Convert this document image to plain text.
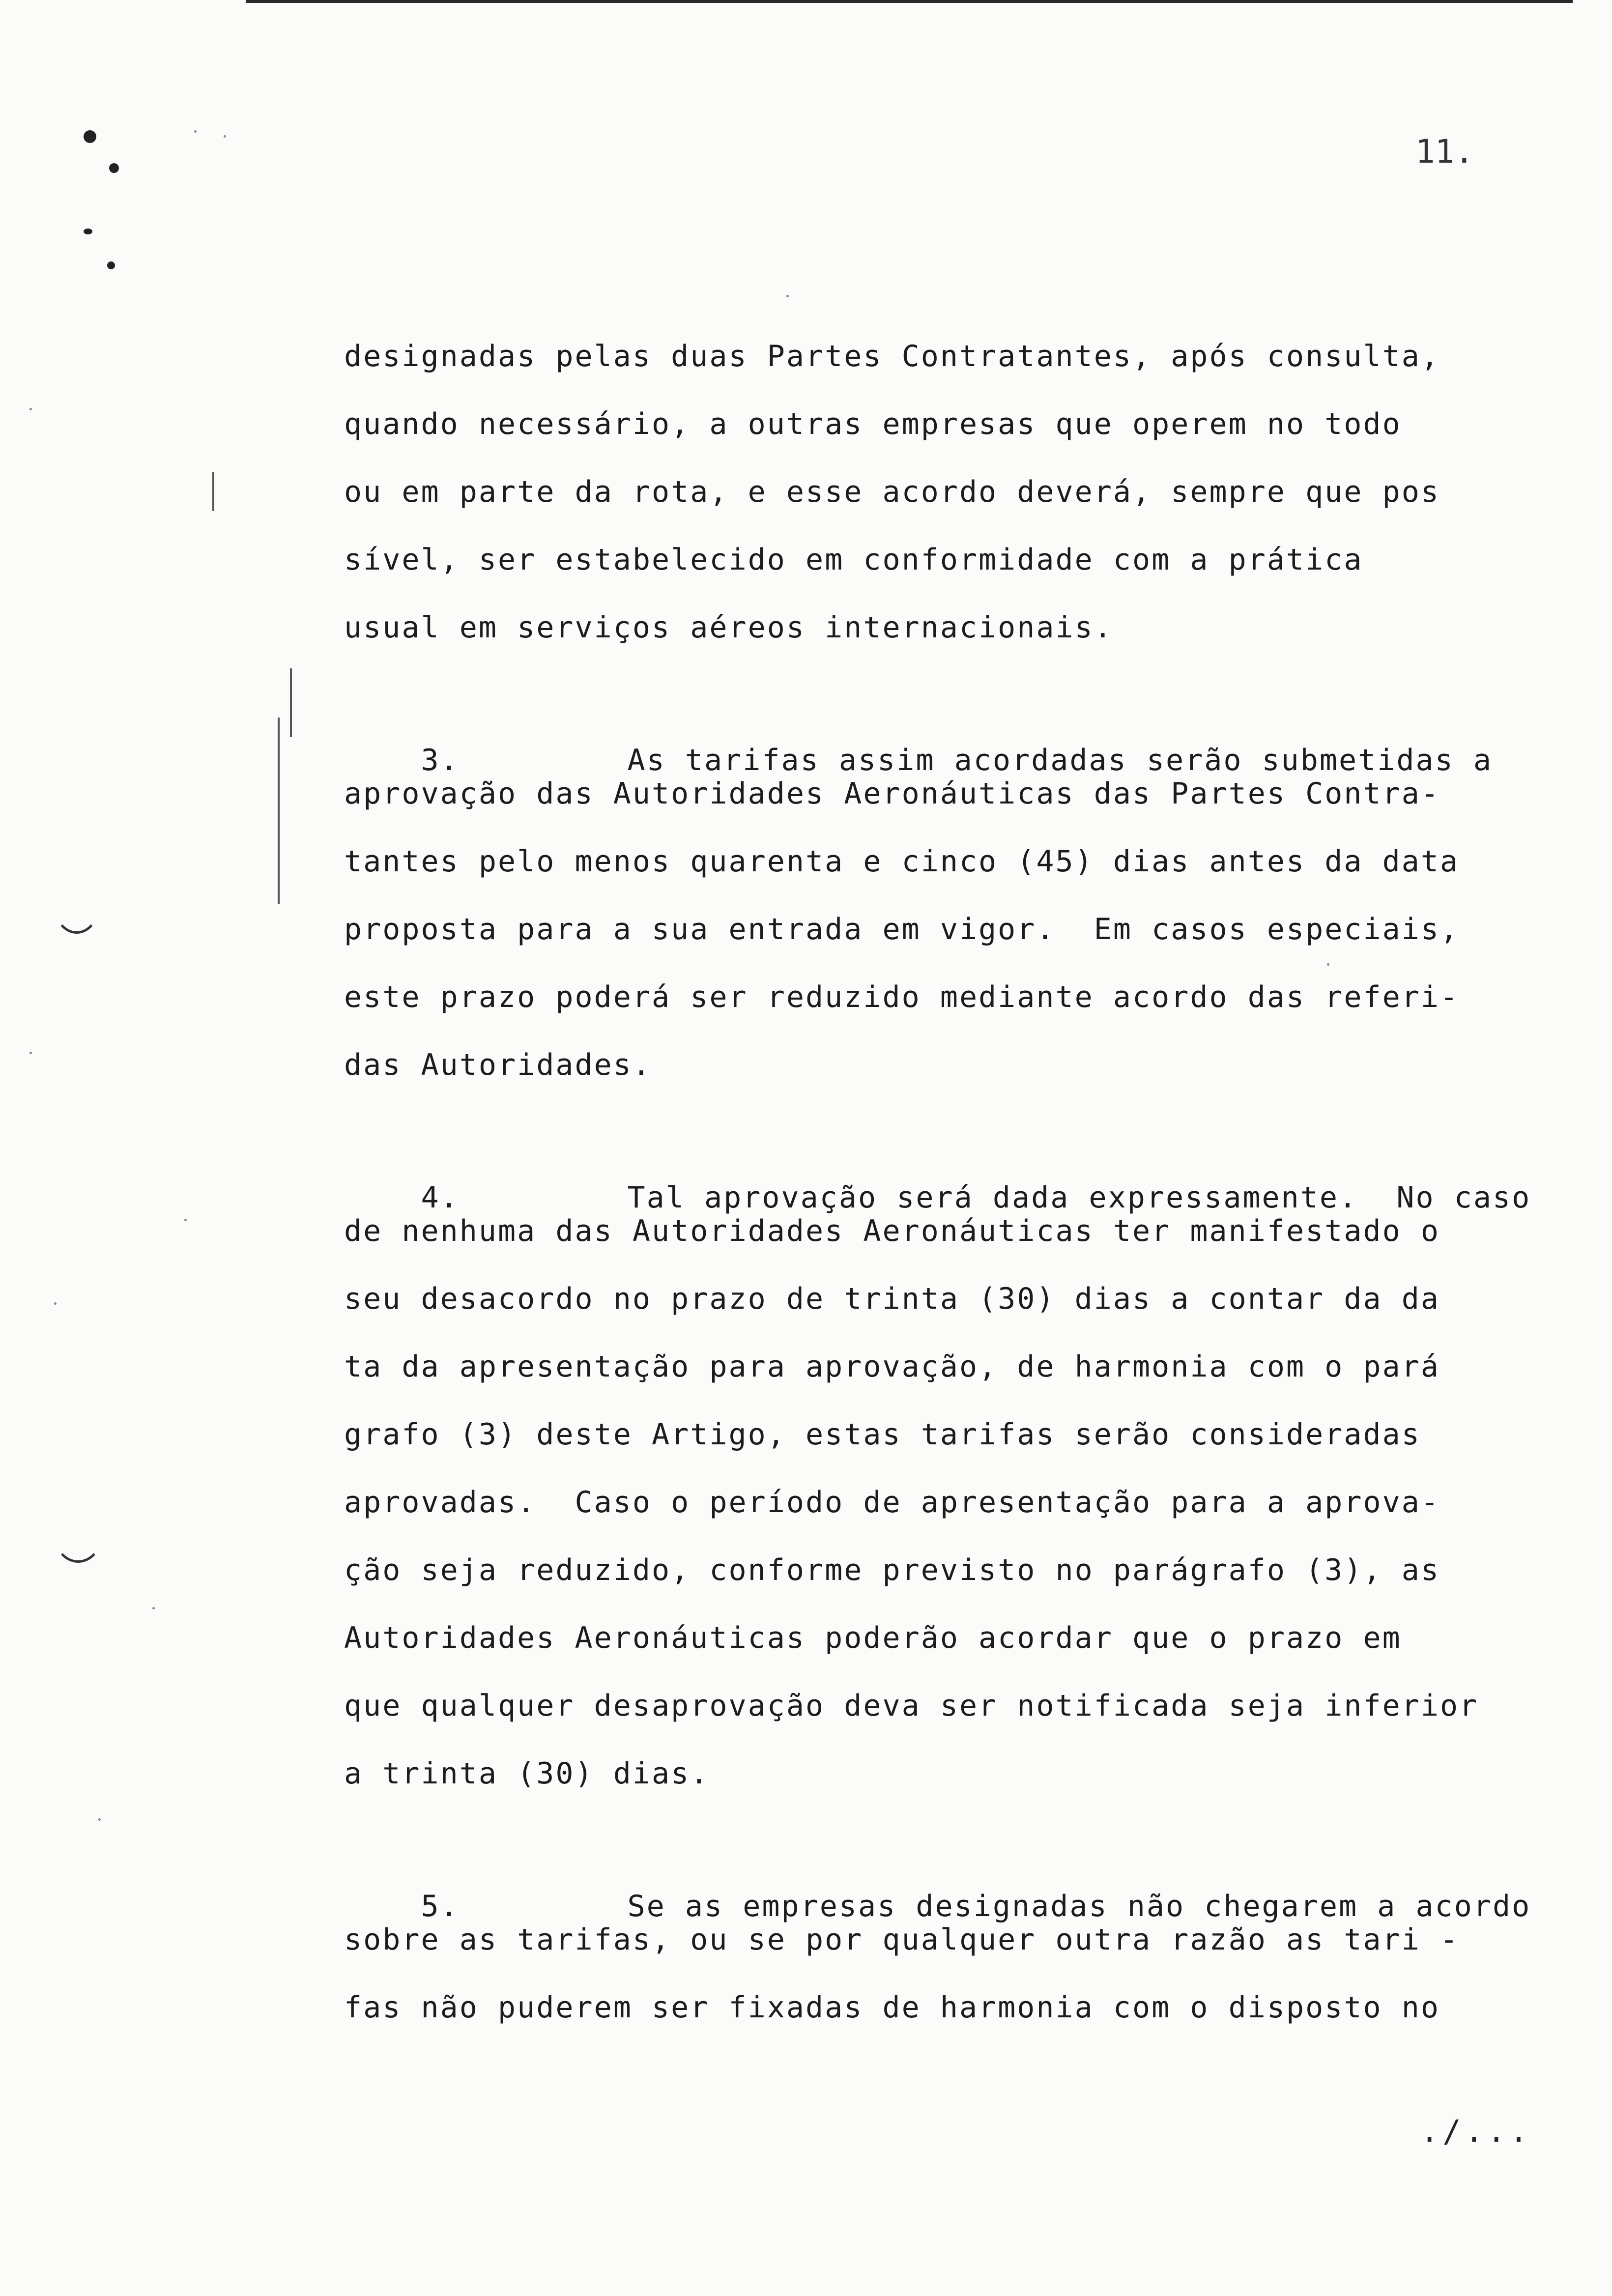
11.
designadas pelas duas Partes Contratantes, após consulta,
quando necessário, a outras empresas que operem no todo
ou em parte da rota, e esse acordo deverá, sempre que pos
sível, ser estabelecido em conformidade com a prática
usual em serviços aéreos internacionais.

3.	As tarifas assim acordadas serão submetidas a

aprovação das Autoridades Aeronáuticas das Partes Contra-
tantes pelo menos quarenta e cinco (45) dias antes da data
proposta para a sua entrada em vigor.  Em casos especiais,
este prazo poderá ser reduzido mediante acordo das referi-
das Autoridades.

4.	Tal aprovação será dada expressamente.  No caso

de nenhuma das Autoridades Aeronáuticas ter manifestado o
seu desacordo no prazo de trinta (30) dias a contar da da
ta da apresentação para aprovação, de harmonia com o pará
grafo (3) deste Artigo, estas tarifas serão consideradas
aprovadas.  Caso o período de apresentação para a aprova-
ção seja reduzido, conforme previsto no parágrafo (3), as
Autoridades Aeronáuticas poderão acordar que o prazo em
que qualquer desaprovação deva ser notificada seja inferior
a trinta (30) dias.

5.	Se as empresas designadas não chegarem a acordo

sobre as tarifas, ou se por qualquer outra razão as tari -
fas não puderem ser fixadas de harmonia com o disposto no
./...
